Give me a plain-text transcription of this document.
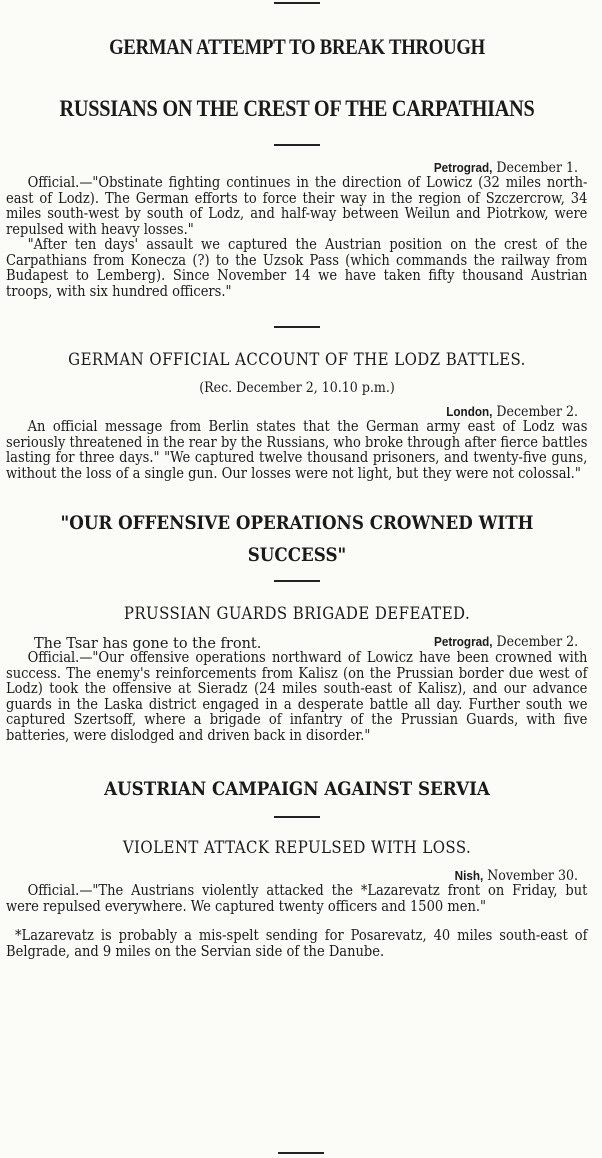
GERMAN ATTEMPT TO BREAK THROUGH
RUSSIANS ON THE CREST OF THE CARPATHIANS
Petrograd, December 1.

Official.—"Obstinate fighting continues in the direction of Lowicz (32 miles north-east of Lodz). The German efforts to force their way in the region of Szczercrow, 34 miles south-west by south of Lodz, and half-way between Weilun and Piotrkow, were repulsed with heavy losses."

"After ten days' assault we captured the Austrian position on the crest of the Carpathians from Konecza (?) to the Uzsok Pass (which commands the railway from Budapest to Lemberg). Since November 14 we have taken fifty thousand Austrian troops, with six hundred officers."

GERMAN OFFICIAL ACCOUNT OF THE LODZ BATTLES.

(Rec. December 2, 10.10 p.m.)

London, December 2.

An official message from Berlin states that the German army east of Lodz was seriously threatened in the rear by the Russians, who broke through after fierce battles lasting for three days." "We captured twelve thousand prisoners, and twenty-five guns, without the loss of a single gun. Our losses were not light, but they were not colossal."

"OUR OFFENSIVE OPERATIONS CROWNED WITH
SUCCESS"
PRUSSIAN GUARDS BRIGADE DEFEATED.
The Tsar has gone to the front.	Petrograd, December 2.

Official.—"Our offensive operations northward of Lowicz have been crowned with success. The enemy's reinforcements from Kalisz (on the Prussian border due west of Lodz) took the offensive at Sieradz (24 miles south-east of Kalisz), and our advance guards in the Laska district engaged in a desperate battle all day. Further south we captured Szertsoff, where a brigade of infantry of the Prussian Guards, with five batteries, were dislodged and driven back in disorder."

AUSTRIAN CAMPAIGN AGAINST SERVIA
VIOLENT ATTACK REPULSED WITH LOSS.
Nish, November 30.

Official.—"The Austrians violently attacked the *Lazarevatz front on Friday, but were repulsed everywhere. We captured twenty officers and 1500 men."

*Lazarevatz is probably a mis-spelt sending for Posarevatz, 40 miles south-east of Belgrade, and 9 miles on the Servian side of the Danube.
